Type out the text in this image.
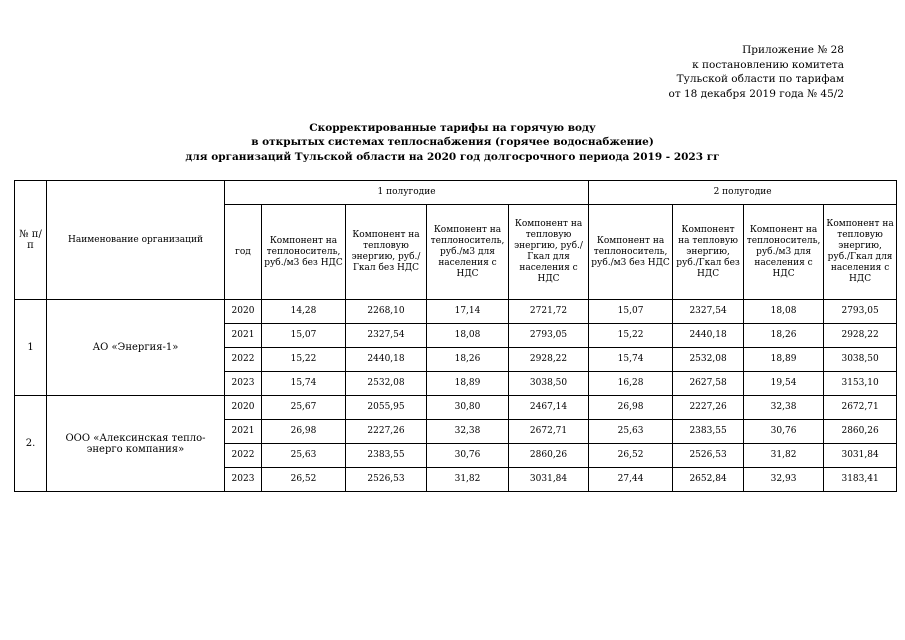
Приложение № 28
к постановлению комитета
Тульской области по тарифам
от 18 декабря 2019 года № 45/2
Скорректированные тарифы на горячую воду
в открытых системах теплоснабжения (горячее водоснабжение)
для организаций Тульской области на 2020 год долгосрочного периода 2019 - 2023 гг
№ п/п	Наименование организаций	1 полугодие					2 полугодие			
		год	Компонент на теплоноситель, руб./м3 без НДС	Компонент на тепловую энергию, руб./Гкал без НДС	Компонент на теплоноситель, руб./м3 для населения с НДС	Компонент на тепловую энергию, руб./Гкал для населения с НДС	Компонент на теплоноситель, руб./м3 без НДС	Компонент на тепловую энергию, руб./Гкал без НДС	Компонент на теплоноситель, руб./м3 для населения с НДС	Компонент на тепловую энергию, руб./Гкал для населения с НДС
1	АО «Энергия-1»	2020	14,28	2268,10	17,14	2721,72	15,07	2327,54	18,08	2793,05
		2021	15,07	2327,54	18,08	2793,05	15,22	2440,18	18,26	2928,22
		2022	15,22	2440,18	18,26	2928,22	15,74	2532,08	18,89	3038,50
		2023	15,74	2532,08	18,89	3038,50	16,28	2627,58	19,54	3153,10
2.	ООО «Алексинская тепло-энерго компания»	2020	25,67	2055,95	30,80	2467,14	26,98	2227,26	32,38	2672,71
		2021	26,98	2227,26	32,38	2672,71	25,63	2383,55	30,76	2860,26
		2022	25,63	2383,55	30,76	2860,26	26,52	2526,53	31,82	3031,84
		2023	26,52	2526,53	31,82	3031,84	27,44	2652,84	32,93	3183,41
